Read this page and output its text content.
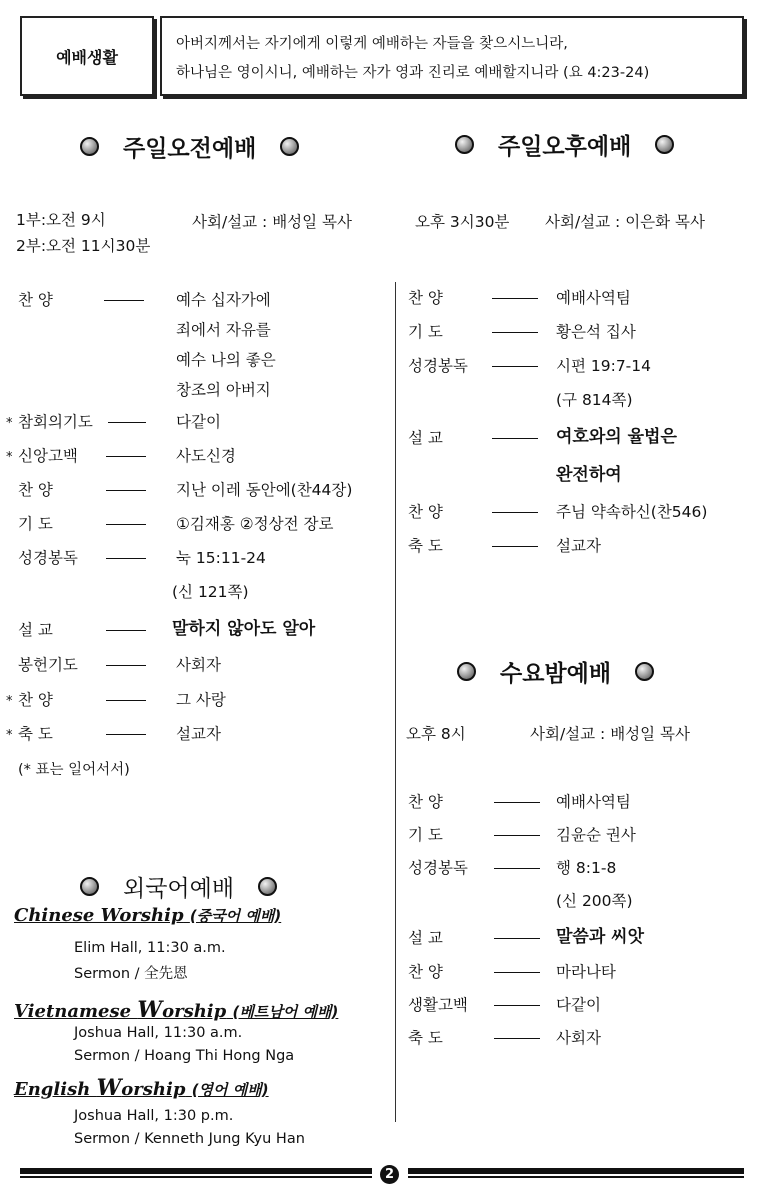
예배생활
아버지께서는 자기에게 이렇게 예배하는 자들을 찾으시느니라,
하나님은 영이시니, 예배하는 자가 영과 진리로 예배할지니라 (요 4:23-24)
주일오전예배	주일오후예배
수요밤예배
외국어예배
1부:오전 9시
2부:오전 11시30분
사회/설교 : 배성일 목사	오후 3시30분 사회/설교 : 이은화 목사
찬 양	예수 십자가에
죄에서 자유를
예수 나의 좋은
창조의 아버지
* 참회의기도	다같이
* 신앙고백	사도신경
찬 양	지난 이레 동안에(찬44장)
기 도	①김재홍 ②정상전 장로
성경봉독	눅 15:11-24
(신 121쪽)
설 교	말하지 않아도 알아
봉헌기도	사회자
* 찬 양	그 사랑
* 축 도	설교자
(* 표는 일어서서)
찬 양	예배사역팀
기 도	황은석 집사
성경봉독	시편 19:7-14
(구 814쪽)
설 교	여호와의 율법은
완전하여
찬 양	주님 약속하신(찬546)
축 도	설교자
오후 8시	사회/설교 : 배성일 목사
찬 양	예배사역팀
기 도	김윤순 권사
성경봉독	행 8:1-8
(신 200쪽)
설 교	말씀과 씨앗
찬 양	마라나타
생활고백	다같이
축 도	사회자
Chinese Worship (중국어 예배)
Elim Hall, 11:30 a.m.
Sermon / 全先恩
Vietnamese Worship (베트남어 예배)
Joshua Hall, 11:30 a.m.
Sermon / Hoang Thi Hong Nga
English Worship (영어 예배)
Joshua Hall, 1:30 p.m.
Sermon / Kenneth Jung Kyu Han
2
